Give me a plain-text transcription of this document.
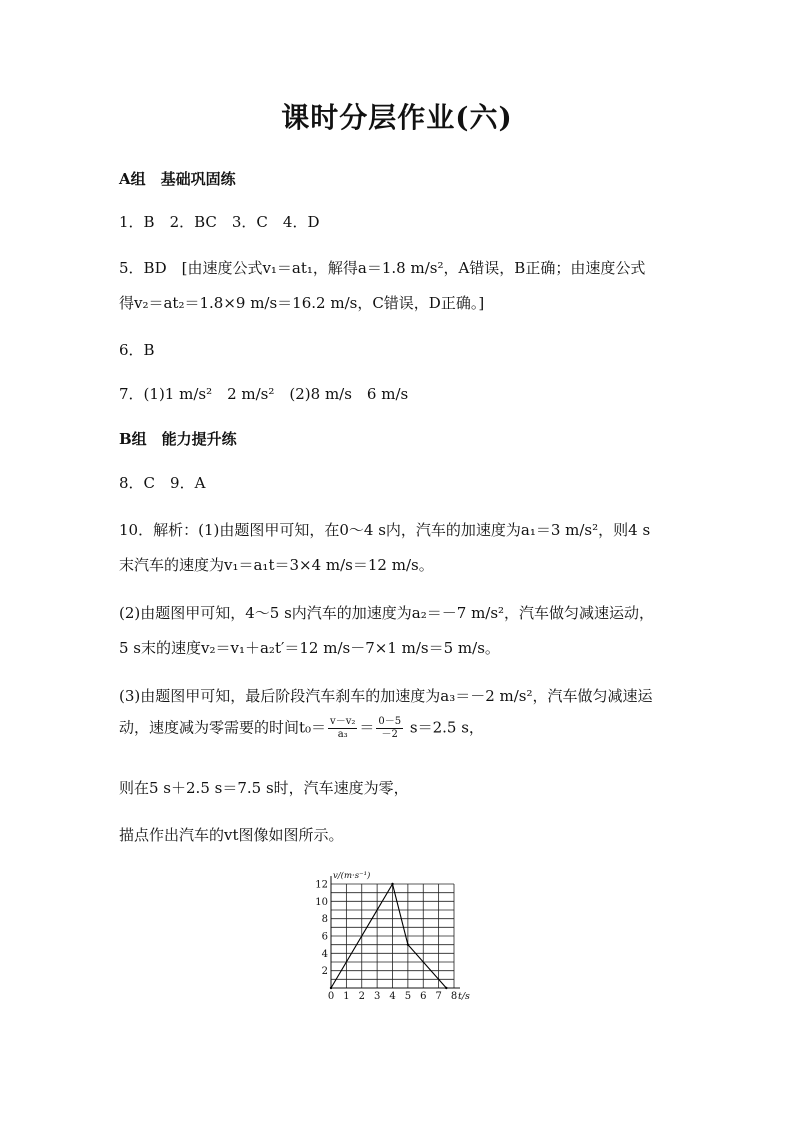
课时分层作业(六)
A组　基础巩固练
1．B　2．BC　3．C　4．D
5．BD　[由速度公式v₁＝at₁，解得a＝1.8 m/s²，A错误，B正确；由速度公式
得v₂＝at₂＝1.8×9 m/s＝16.2 m/s，C错误，D正确。]
6．B
7．(1)1 m/s²　2 m/s²　(2)8 m/s　6 m/s
B组　能力提升练
8．C　9．A
10．解析：(1)由题图甲可知，在0～4 s内，汽车的加速度为a₁＝3 m/s²，则4 s
末汽车的速度为v₁＝a₁t＝3×4 m/s＝12 m/s。
(2)由题图甲可知，4～5 s内汽车的加速度为a₂＝－7 m/s²，汽车做匀减速运动，
5 s末的速度v₂＝v₁＋a₂t′＝12 m/s－7×1 m/s＝5 m/s。
(3)由题图甲可知，最后阶段汽车刹车的加速度为a₃＝－2 m/s²，汽车做匀减速运
动，速度减为零需要的时间$t_0= \frac{\text{v－v₂}}{\text{a₃}} = \frac{0-5}{-2} s=2.5$ s，
则在5 s＋2.5 s＝7.5 s时，汽车速度为零，
描点作出汽车的vt图像如图所示。
0 1 2 3 4 5 6 7 8
2
4
6
8
10
12
v/(m·s⁻¹)
t/s
